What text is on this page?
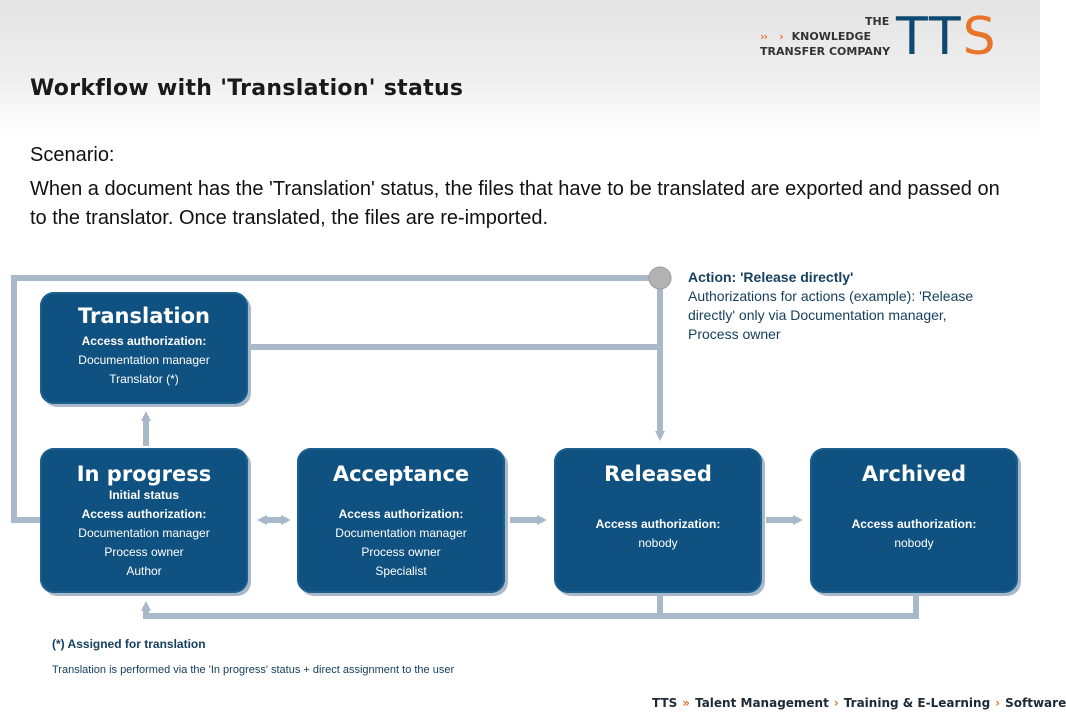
THE
›› › KNOWLEDGE
TRANSFER COMPANY TTS
Workflow with 'Translation' status
Scenario:
When a document has the 'Translation' status, the files that have to be translated are exported and passed on to the translator. Once translated, the files are re-imported.
Translation
Access authorization:
Documentation manager
Translator (*)
In progress
Initial status
Access authorization:
Documentation manager
Process owner
Author
Acceptance
Access authorization:
Documentation manager
Process owner
Specialist
Released
Access authorization:
nobody
Archived
Access authorization:
nobody
Action: 'Release directly'
Authorizations for actions (example): 'Release directly' only via Documentation manager, Process owner
(*) Assigned for translation
Translation is performed via the 'In progress' status + direct assignment to the user
TTS » Talent Management › Training & E-Learning › Software
